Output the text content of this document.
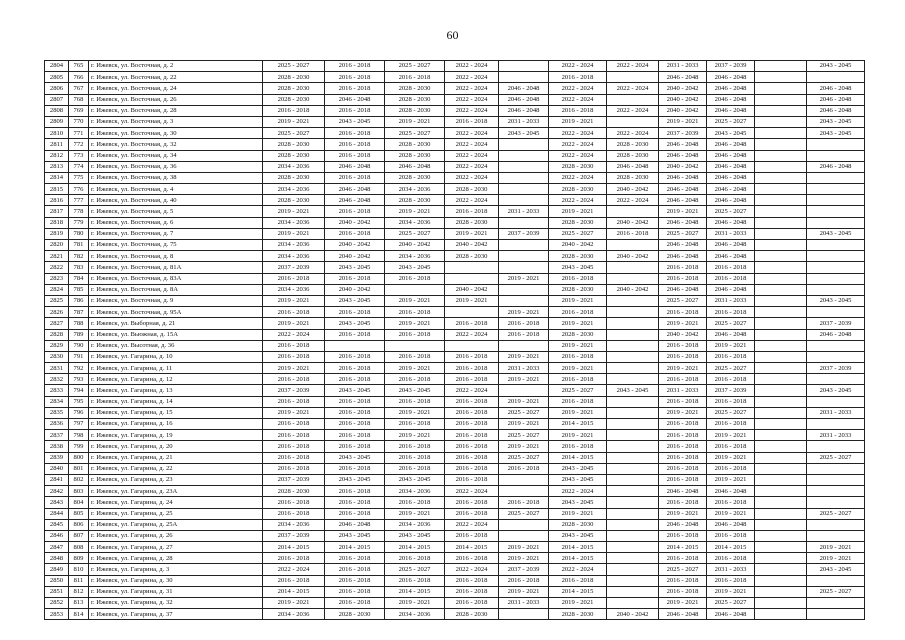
60
2804	765	г. Ижевск, ул. Восточная, д. 2	2025 - 2027	2016 - 2018	2025 - 2027	2022 - 2024		2022 - 2024	2022 - 2024	2031 - 2033	2037 - 2039		2043 - 2045
2805	766	г. Ижевск, ул. Восточная, д. 22	2028 - 2030	2016 - 2018	2016 - 2018	2022 - 2024		2016 - 2018		2046 - 2048	2046 - 2048		
2806	767	г. Ижевск, ул. Восточная, д. 24	2028 - 2030	2016 - 2018	2028 - 2030	2022 - 2024	2046 - 2048	2022 - 2024	2022 - 2024	2040 - 2042	2046 - 2048		2046 - 2048
2807	768	г. Ижевск, ул. Восточная, д. 26	2028 - 2030	2046 - 2048	2028 - 2030	2022 - 2024	2046 - 2048	2022 - 2024		2040 - 2042	2046 - 2048		2046 - 2048
2808	769	г. Ижевск, ул. Восточная, д. 28	2016 - 2018	2016 - 2018	2028 - 2030	2022 - 2024	2046 - 2048	2016 - 2018	2022 - 2024	2040 - 2042	2046 - 2048		2046 - 2048
2809	770	г. Ижевск, ул. Восточная, д. 3	2019 - 2021	2043 - 2045	2019 - 2021	2016 - 2018	2031 - 2033	2019 - 2021		2019 - 2021	2025 - 2027		2043 - 2045
2810	771	г. Ижевск, ул. Восточная, д. 30	2025 - 2027	2016 - 2018	2025 - 2027	2022 - 2024	2043 - 2045	2022 - 2024	2022 - 2024	2037 - 2039	2043 - 2045		2043 - 2045
2811	772	г. Ижевск, ул. Восточная, д. 32	2028 - 2030	2016 - 2018	2028 - 2030	2022 - 2024		2022 - 2024	2028 - 2030	2046 - 2048	2046 - 2048		
2812	773	г. Ижевск, ул. Восточная, д. 34	2028 - 2030	2016 - 2018	2028 - 2030	2022 - 2024		2022 - 2024	2028 - 2030	2046 - 2048	2046 - 2048		
2813	774	г. Ижевск, ул. Восточная, д. 36	2034 - 2036	2046 - 2048	2046 - 2048	2022 - 2024		2028 - 2030	2046 - 2048	2040 - 2042	2046 - 2048		2046 - 2048
2814	775	г. Ижевск, ул. Восточная, д. 38	2028 - 2030	2016 - 2018	2028 - 2030	2022 - 2024		2022 - 2024	2028 - 2030	2046 - 2048	2046 - 2048		
2815	776	г. Ижевск, ул. Восточная, д. 4	2034 - 2036	2046 - 2048	2034 - 2036	2028 - 2030		2028 - 2030	2040 - 2042	2046 - 2048	2046 - 2048		
2816	777	г. Ижевск, ул. Восточная, д. 40	2028 - 2030	2046 - 2048	2028 - 2030	2022 - 2024		2022 - 2024	2022 - 2024	2046 - 2048	2046 - 2048		
2817	778	г. Ижевск, ул. Восточная, д. 5	2019 - 2021	2016 - 2018	2019 - 2021	2016 - 2018	2031 - 2033	2019 - 2021		2019 - 2021	2025 - 2027		
2818	779	г. Ижевск, ул. Восточная, д. 6	2034 - 2036	2040 - 2042	2034 - 2036	2028 - 2030		2028 - 2030	2040 - 2042	2046 - 2048	2046 - 2048		
2819	780	г. Ижевск, ул. Восточная, д. 7	2019 - 2021	2016 - 2018	2025 - 2027	2019 - 2021	2037 - 2039	2025 - 2027	2016 - 2018	2025 - 2027	2031 - 2033		2043 - 2045
2820	781	г. Ижевск, ул. Восточная, д. 75	2034 - 2036	2040 - 2042	2040 - 2042	2040 - 2042		2040 - 2042		2046 - 2048	2046 - 2048		
2821	782	г. Ижевск, ул. Восточная, д. 8	2034 - 2036	2040 - 2042	2034 - 2036	2028 - 2030		2028 - 2030	2040 - 2042	2046 - 2048	2046 - 2048		
2822	783	г. Ижевск, ул. Восточная, д. 81А	2037 - 2039	2043 - 2045	2043 - 2045			2043 - 2045		2016 - 2018	2016 - 2018		
2823	784	г. Ижевск, ул. Восточная, д. 83А	2016 - 2018	2016 - 2018	2016 - 2018		2019 - 2021	2016 - 2018		2016 - 2018	2016 - 2018		
2824	785	г. Ижевск, ул. Восточная, д. 8А	2034 - 2036	2040 - 2042		2040 - 2042		2028 - 2030	2040 - 2042	2046 - 2048	2046 - 2048		
2825	786	г. Ижевск, ул. Восточная, д. 9	2019 - 2021	2043 - 2045	2019 - 2021	2019 - 2021		2019 - 2021		2025 - 2027	2031 - 2033		2043 - 2045
2826	787	г. Ижевск, ул. Восточная, д. 95А	2016 - 2018	2016 - 2018	2016 - 2018		2019 - 2021	2016 - 2018		2016 - 2018	2016 - 2018		
2827	788	г. Ижевск, ул. Выборная, д. 21	2019 - 2021	2043 - 2045	2019 - 2021	2016 - 2018	2016 - 2018	2019 - 2021		2019 - 2021	2025 - 2027		2037 - 2039
2828	789	г. Ижевск, ул. Вьюжная, д. 15А	2022 - 2024	2016 - 2018	2016 - 2018	2022 - 2024	2016 - 2018	2028 - 2030		2040 - 2042	2046 - 2048		2046 - 2048
2829	790	г. Ижевск, ул. Высотная, д. 36	2016 - 2018					2019 - 2021		2016 - 2018	2019 - 2021		
2830	791	г. Ижевск, ул. Гагарина, д. 10	2016 - 2018	2016 - 2018	2016 - 2018	2016 - 2018	2019 - 2021	2016 - 2018		2016 - 2018	2016 - 2018		
2831	792	г. Ижевск, ул. Гагарина, д. 11	2019 - 2021	2016 - 2018	2019 - 2021	2016 - 2018	2031 - 2033	2019 - 2021		2019 - 2021	2025 - 2027		2037 - 2039
2832	793	г. Ижевск, ул. Гагарина, д. 12	2016 - 2018	2016 - 2018	2016 - 2018	2016 - 2018	2019 - 2021	2016 - 2018		2016 - 2018	2016 - 2018		
2833	794	г. Ижевск, ул. Гагарина, д. 13	2037 - 2039	2043 - 2045	2043 - 2045	2022 - 2024		2025 - 2027	2043 - 2045	2031 - 2033	2037 - 2039		2043 - 2045
2834	795	г. Ижевск, ул. Гагарина, д. 14	2016 - 2018	2016 - 2018	2016 - 2018	2016 - 2018	2019 - 2021	2016 - 2018		2016 - 2018	2016 - 2018		
2835	796	г. Ижевск, ул. Гагарина, д. 15	2019 - 2021	2016 - 2018	2019 - 2021	2016 - 2018	2025 - 2027	2019 - 2021		2019 - 2021	2025 - 2027		2031 - 2033
2836	797	г. Ижевск, ул. Гагарина, д. 16	2016 - 2018	2016 - 2018	2016 - 2018	2016 - 2018	2019 - 2021	2014 - 2015		2016 - 2018	2016 - 2018		
2837	798	г. Ижевск, ул. Гагарина, д. 19	2016 - 2018	2016 - 2018	2019 - 2021	2016 - 2018	2025 - 2027	2019 - 2021		2016 - 2018	2019 - 2021		2031 - 2033
2838	799	г. Ижевск, ул. Гагарина, д. 20	2016 - 2018	2016 - 2018	2016 - 2018	2016 - 2018	2019 - 2021	2016 - 2018		2016 - 2018	2016 - 2018		
2839	800	г. Ижевск, ул. Гагарина, д. 21	2016 - 2018	2043 - 2045	2016 - 2018	2016 - 2018	2025 - 2027	2014 - 2015		2016 - 2018	2019 - 2021		2025 - 2027
2840	801	г. Ижевск, ул. Гагарина, д. 22	2016 - 2018	2016 - 2018	2016 - 2018	2016 - 2018	2016 - 2018	2043 - 2045		2016 - 2018	2016 - 2018		
2841	802	г. Ижевск, ул. Гагарина, д. 23	2037 - 2039	2043 - 2045	2043 - 2045	2016 - 2018		2043 - 2045		2016 - 2018	2019 - 2021		
2842	803	г. Ижевск, ул. Гагарина, д. 23А	2028 - 2030	2016 - 2018	2034 - 2036	2022 - 2024		2022 - 2024		2046 - 2048	2046 - 2048		
2843	804	г. Ижевск, ул. Гагарина, д. 24	2016 - 2018	2016 - 2018	2016 - 2018	2016 - 2018	2016 - 2018	2043 - 2045		2016 - 2018	2016 - 2018		
2844	805	г. Ижевск, ул. Гагарина, д. 25	2016 - 2018	2016 - 2018	2019 - 2021	2016 - 2018	2025 - 2027	2019 - 2021		2019 - 2021	2019 - 2021		2025 - 2027
2845	806	г. Ижевск, ул. Гагарина, д. 25А	2034 - 2036	2046 - 2048	2034 - 2036	2022 - 2024		2028 - 2030		2046 - 2048	2046 - 2048		
2846	807	г. Ижевск, ул. Гагарина, д. 26	2037 - 2039	2043 - 2045	2043 - 2045	2016 - 2018		2043 - 2045		2016 - 2018	2016 - 2018		
2847	808	г. Ижевск, ул. Гагарина, д. 27	2014 - 2015	2014 - 2015	2014 - 2015	2014 - 2015	2019 - 2021	2014 - 2015		2014 - 2015	2014 - 2015		2019 - 2021
2848	809	г. Ижевск, ул. Гагарина, д. 28	2016 - 2018	2016 - 2018	2016 - 2018	2016 - 2018	2019 - 2021	2014 - 2015		2016 - 2018	2016 - 2018		2019 - 2021
2849	810	г. Ижевск, ул. Гагарина, д. 3	2022 - 2024	2016 - 2018	2025 - 2027	2022 - 2024	2037 - 2039	2022 - 2024		2025 - 2027	2031 - 2033		2043 - 2045
2850	811	г. Ижевск, ул. Гагарина, д. 30	2016 - 2018	2016 - 2018	2016 - 2018	2016 - 2018	2016 - 2018	2016 - 2018		2016 - 2018	2016 - 2018		
2851	812	г. Ижевск, ул. Гагарина, д. 31	2014 - 2015	2016 - 2018	2014 - 2015	2016 - 2018	2019 - 2021	2014 - 2015		2016 - 2018	2019 - 2021		2025 - 2027
2852	813	г. Ижевск, ул. Гагарина, д. 32	2019 - 2021	2016 - 2018	2019 - 2021	2016 - 2018	2031 - 2033	2019 - 2021		2019 - 2021	2025 - 2027		
2853	814	г. Ижевск, ул. Гагарина, д. 37	2034 - 2036	2028 - 2030	2034 - 2036	2028 - 2030		2028 - 2030	2040 - 2042	2046 - 2048	2046 - 2048		
